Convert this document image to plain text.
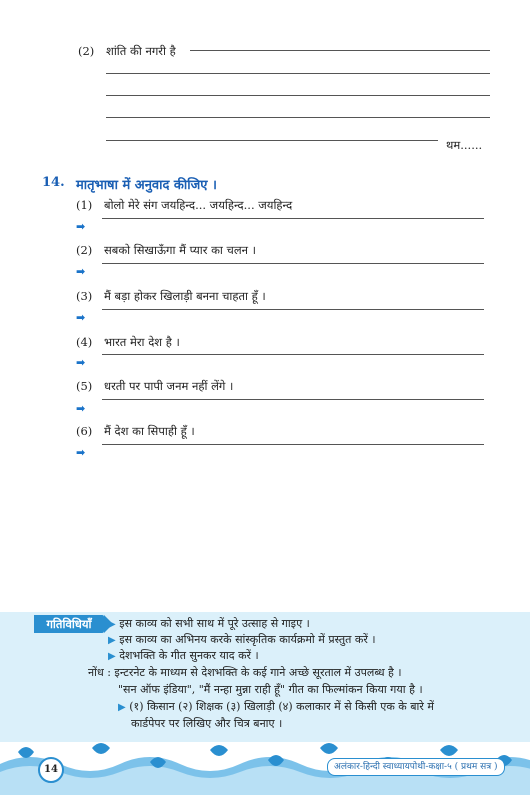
(2) शांति की नगरी है
थम......
14. मातृभाषा में अनुवाद कीजिए ।
(1) बोलो मेरे संग जयहिन्द... जयहिन्द... जयहिन्द
➡
(2) सबको सिखाऊँगा मैं प्यार का चलन ।
➡
(3) मैं बड़ा होकर खिलाड़ी बनना चाहता हूँ ।
➡
(4) भारत मेरा देश है ।
➡
(5) धरती पर पापी जनम नहीं लेंगे ।
➡
(6) मैं देश का सिपाही हूँ ।
➡
गतिविधियाँ	▶ इस काव्य को सभी साथ में पूरे उत्साह से गाइए ।
▶ इस काव्य का अभिनय करके सांस्कृतिक कार्यक्रमो में प्रस्तुत करें ।
▶ देशभक्ति के गीत सुनकर याद करें ।
नोंध : इन्टरनेट के माध्यम से देशभक्ति के कई गाने अच्छे सूरताल में उपलब्ध है ।
"सन ऑफ इंडिया", "मैं नन्हा मुन्ना राही हूँ" गीत का फिल्मांकन किया गया है ।
▶ (१) किसान (२) शिक्षक (३) खिलाड़ी (४) कलाकार में से किसी एक के बारे में
कार्डपेपर पर लिखिए और चित्र बनाए ।
14	अलंकार-हिन्दी स्वाध्यायपोथी-कक्षा-५ ( प्रथम सत्र )
